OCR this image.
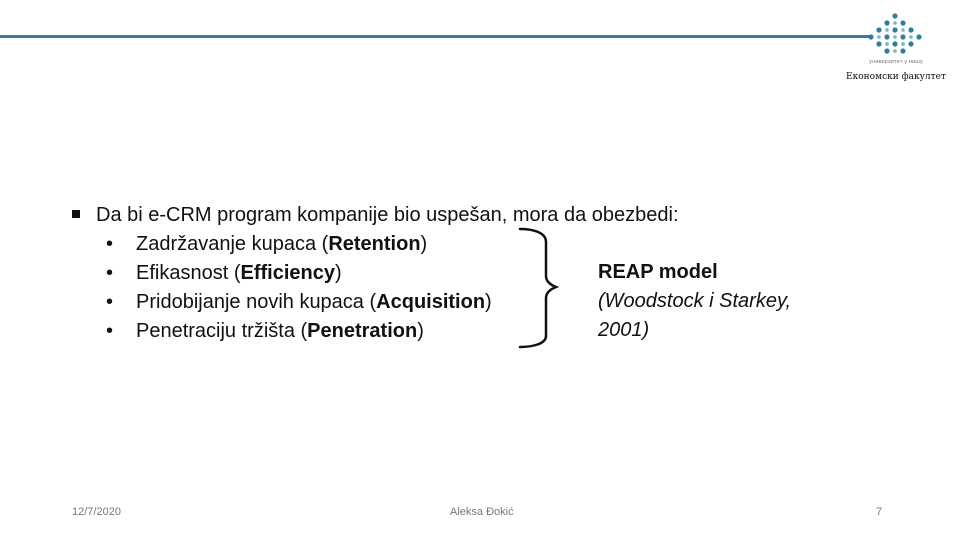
универзитет у нишу
Економски факултет
Da bi e-CRM program kompanije bio uspešan, mora da obezbedi:
• Zadržavanje kupaca (Retention)
• Efikasnost (Efficiency)
• Pridobijanje novih kupaca (Acquisition)
• Penetraciju tržišta (Penetration)
REAP model
(Woodstock i Starkey,
2001)
12/7/2020	Aleksa Đokić	7
